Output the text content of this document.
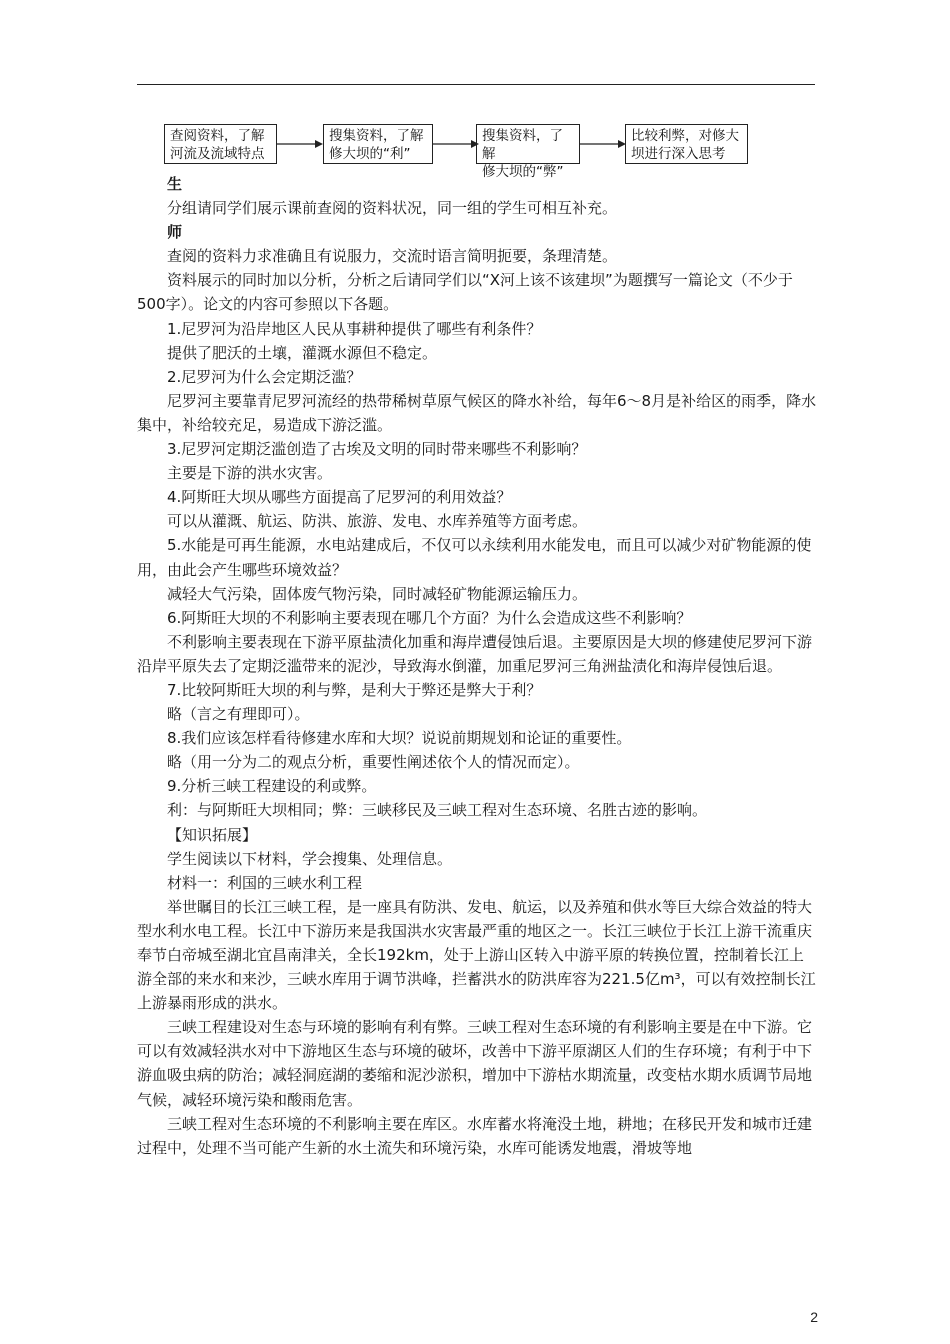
查阅资料，了解
河流及流域特点
搜集资料，了解
修大坝的“利”
搜集资料，了解
修大坝的“弊”
比较利弊，对修大
坝进行深入思考

生

分组请同学们展示课前查阅的资料状况，同一组的学生可相互补充。

师

查阅的资料力求准确且有说服力，交流时语言简明扼要，条理清楚。

资料展示的同时加以分析，分析之后请同学们以“X河上该不该建坝”为题撰写一篇论文（不少于500字）。论文的内容可参照以下各题。

1.尼罗河为沿岸地区人民从事耕种提供了哪些有利条件？

提供了肥沃的土壤，灌溉水源但不稳定。

2.尼罗河为什么会定期泛滥？

尼罗河主要靠青尼罗河流经的热带稀树草原气候区的降水补给，每年6～8月是补给区的雨季，降水集中，补给较充足，易造成下游泛滥。

3.尼罗河定期泛滥创造了古埃及文明的同时带来哪些不利影响？

主要是下游的洪水灾害。

4.阿斯旺大坝从哪些方面提高了尼罗河的利用效益？

可以从灌溉、航运、防洪、旅游、发电、水库养殖等方面考虑。

5.水能是可再生能源，水电站建成后，不仅可以永续利用水能发电，而且可以减少对矿物能源的使用，由此会产生哪些环境效益？

减轻大气污染，固体废气物污染，同时减轻矿物能源运输压力。

6.阿斯旺大坝的不利影响主要表现在哪几个方面？为什么会造成这些不利影响？

不利影响主要表现在下游平原盐渍化加重和海岸遭侵蚀后退。主要原因是大坝的修建使尼罗河下游沿岸平原失去了定期泛滥带来的泥沙，导致海水倒灌，加重尼罗河三角洲盐渍化和海岸侵蚀后退。

7.比较阿斯旺大坝的利与弊，是利大于弊还是弊大于利？

略（言之有理即可）。

8.我们应该怎样看待修建水库和大坝？说说前期规划和论证的重要性。

略（用一分为二的观点分析，重要性阐述依个人的情况而定）。

9.分析三峡工程建设的利或弊。

利：与阿斯旺大坝相同；弊：三峡移民及三峡工程对生态环境、名胜古迹的影响。

【知识拓展】

学生阅读以下材料，学会搜集、处理信息。

材料一：利国的三峡水利工程

举世瞩目的长江三峡工程，是一座具有防洪、发电、航运，以及养殖和供水等巨大综合效益的特大型水利水电工程。长江中下游历来是我国洪水灾害最严重的地区之一。长江三峡位于长江上游干流重庆奉节白帝城至湖北宜昌南津关，全长192km，处于上游山区转入中游平原的转换位置，控制着长江上游全部的来水和来沙，三峡水库用于调节洪峰，拦蓄洪水的防洪库容为221.5亿m³，可以有效控制长江上游暴雨形成的洪水。

三峡工程建设对生态与环境的影响有利有弊。三峡工程对生态环境的有利影响主要是在中下游。它可以有效减轻洪水对中下游地区生态与环境的破坏，改善中下游平原湖区人们的生存环境；有利于中下游血吸虫病的防治；减轻洞庭湖的萎缩和泥沙淤积，增加中下游枯水期流量，改变枯水期水质调节局地气候，减轻环境污染和酸雨危害。

三峡工程对生态环境的不利影响主要在库区。水库蓄水将淹没土地，耕地；在移民开发和城市迁建过程中，处理不当可能产生新的水土流失和环境污染，水库可能诱发地震，滑坡等地

2
